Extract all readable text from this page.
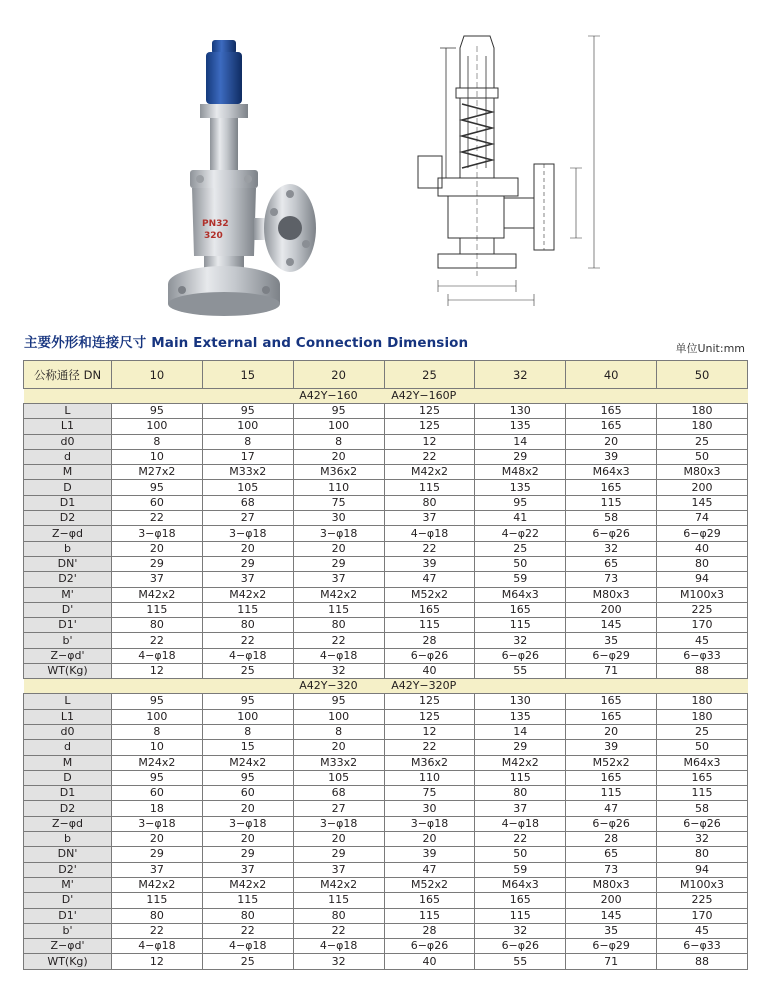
PN32
320
主要外形和连接尺寸 Main External and Connection Dimension	单位Unit:mm
公称通径 DN	10	15	20	25	32	40	50
			A42Y−160 A42Y−160P				
L	95	95	95	125	130	165	180
L1	100	100	100	125	135	165	180
d0	8	8	8	12	14	20	25
d	10	17	20	22	29	39	50
M	M27x2	M33x2	M36x2	M42x2	M48x2	M64x3	M80x3
D	95	105	110	115	135	165	200
D1	60	68	75	80	95	115	145
D2	22	27	30	37	41	58	74
Z−φd	3−φ18	3−φ18	3−φ18	4−φ18	4−φ22	6−φ26	6−φ29
b	20	20	20	22	25	32	40
DN'	29	29	29	39	50	65	80
D2'	37	37	37	47	59	73	94
M'	M42x2	M42x2	M42x2	M52x2	M64x3	M80x3	M100x3
D'	115	115	115	165	165	200	225
D1'	80	80	80	115	115	145	170
b'	22	22	22	28	32	35	45
Z−φd'	4−φ18	4−φ18	4−φ18	6−φ26	6−φ26	6−φ29	6−φ33
WT(Kg)	12	25	32	40	55	71	88
			A42Y−320 A42Y−320P				
L	95	95	95	125	130	165	180
L1	100	100	100	125	135	165	180
d0	8	8	8	12	14	20	25
d	10	15	20	22	29	39	50
M	M24x2	M24x2	M33x2	M36x2	M42x2	M52x2	M64x3
D	95	95	105	110	115	165	165
D1	60	60	68	75	80	115	115
D2	18	20	27	30	37	47	58
Z−φd	3−φ18	3−φ18	3−φ18	3−φ18	4−φ18	6−φ26	6−φ26
b	20	20	20	20	22	28	32
DN'	29	29	29	39	50	65	80
D2'	37	37	37	47	59	73	94
M'	M42x2	M42x2	M42x2	M52x2	M64x3	M80x3	M100x3
D'	115	115	115	165	165	200	225
D1'	80	80	80	115	115	145	170
b'	22	22	22	28	32	35	45
Z−φd'	4−φ18	4−φ18	4−φ18	6−φ26	6−φ26	6−φ29	6−φ33
WT(Kg)	12	25	32	40	55	71	88
